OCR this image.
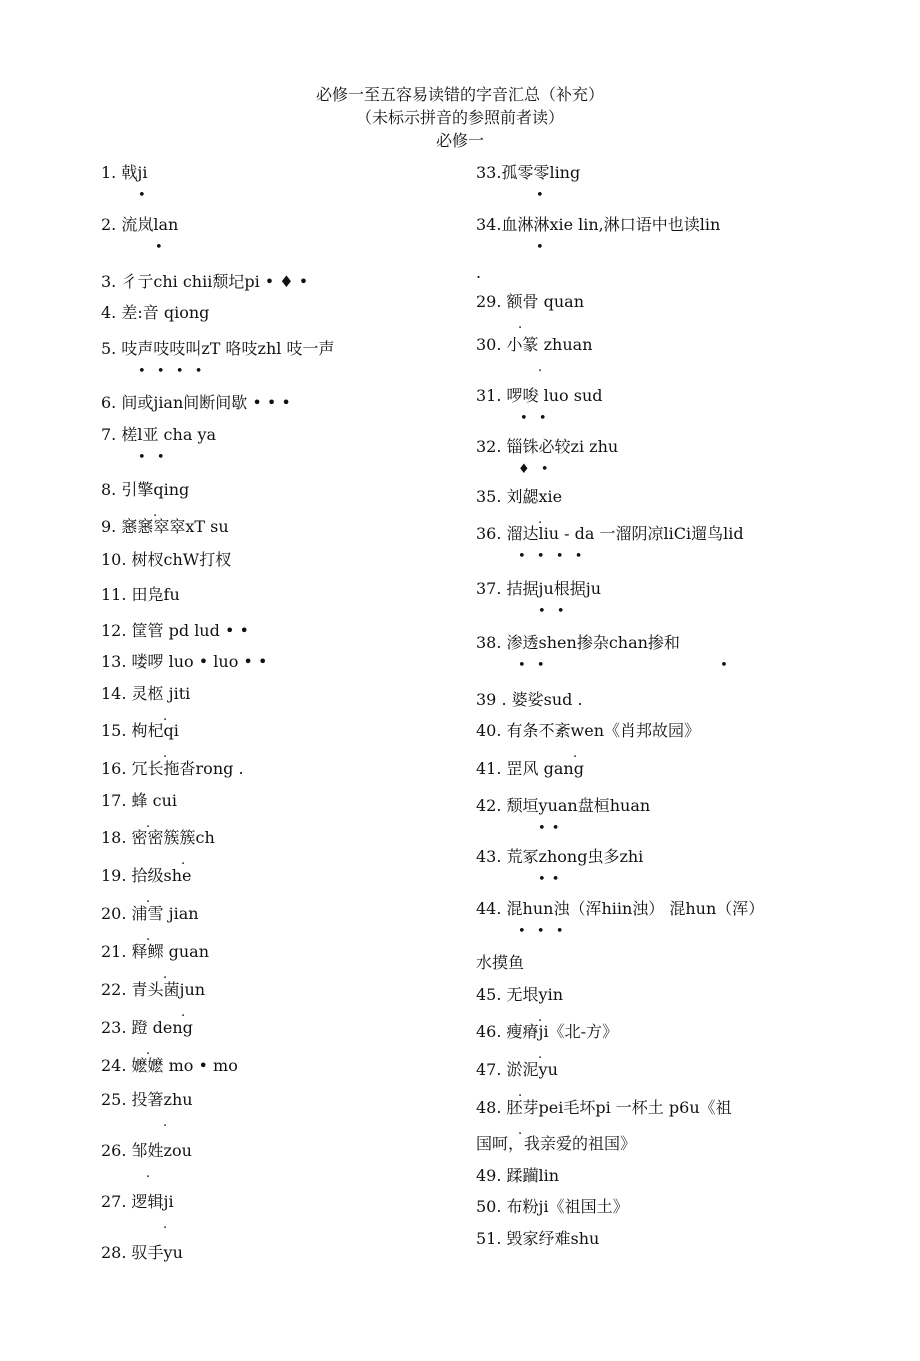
必修一至五容易读错的字音汇总（补充）
（未标示拼音的参照前者读）
必修一
1. 戟ji
•
2. 流岚lan
•
3. 彳亍chi chii颓圮pi • ♦ •
4. 差:音 qiong
5. 吱声吱吱叫zT 咯吱zhl 吱一声
•  •  •  •
6. 间或jian间断间歇 • • •
7. 槎l亚 cha ya
•  •
8. 引擎qing
.
9. 窸窸窣窣xT su
10. 树杈chW打杈
11. 田凫fu
12. 筐管 pd lud • •
13. 喽啰 luo • luo • •
14. 灵柩 jiti
.
15. 枸杞qi
.
16. 冗长拖沓rong .
17. 蜂 cui
.
18. 密密簇簇ch
.
19. 拾级she
.
20. 浦雪 jian
.
21. 释鳏 guan
.
22. 青头菌jun
.
23. 蹬 deng
.
24. 嬷嬷 mo • mo
25. 投箸zhu
.
26. 邹姓zou
.
27. 逻辑ji
.
28. 驭手yu
33.孤零零ling
•
34.血淋淋xie lin,淋口语中也读lin
•
.
29. 额骨 quan
.
30. 小篆 zhuan
.
31. 啰唆 luo sud
•  •
32. 锱铢必较zi zhu
♦  •
35. 刘勰xie
.
36. 溜达liu - da 一溜阴凉liCi遛鸟lid
•  •  •  •
37. 拮据ju根据ju
•  •
38. 渗透shen掺杂chan掺和
•  •                                  •
39 . 婆娑sud .
40. 有条不紊wen《肖邦故园》
.
41. 罡风 gang
42. 颓垣yuan盘桓huan
• •
43. 荒冢zhong虫多zhi
• •
44. 混hun浊（浑hiin浊） 混hun（浑）
•  •  •
水摸鱼
45. 无垠yin
.
46. 瘦瘠ji《北-方》
.
47. 淤泥yu
.
48. 胚芽pei毛坏pi 一杯土 p6u《祖
.
国呵，我亲爱的祖国》
49. 蹂躏lin
50. 布粉ji《祖国土》
51. 毁家纾难shu
